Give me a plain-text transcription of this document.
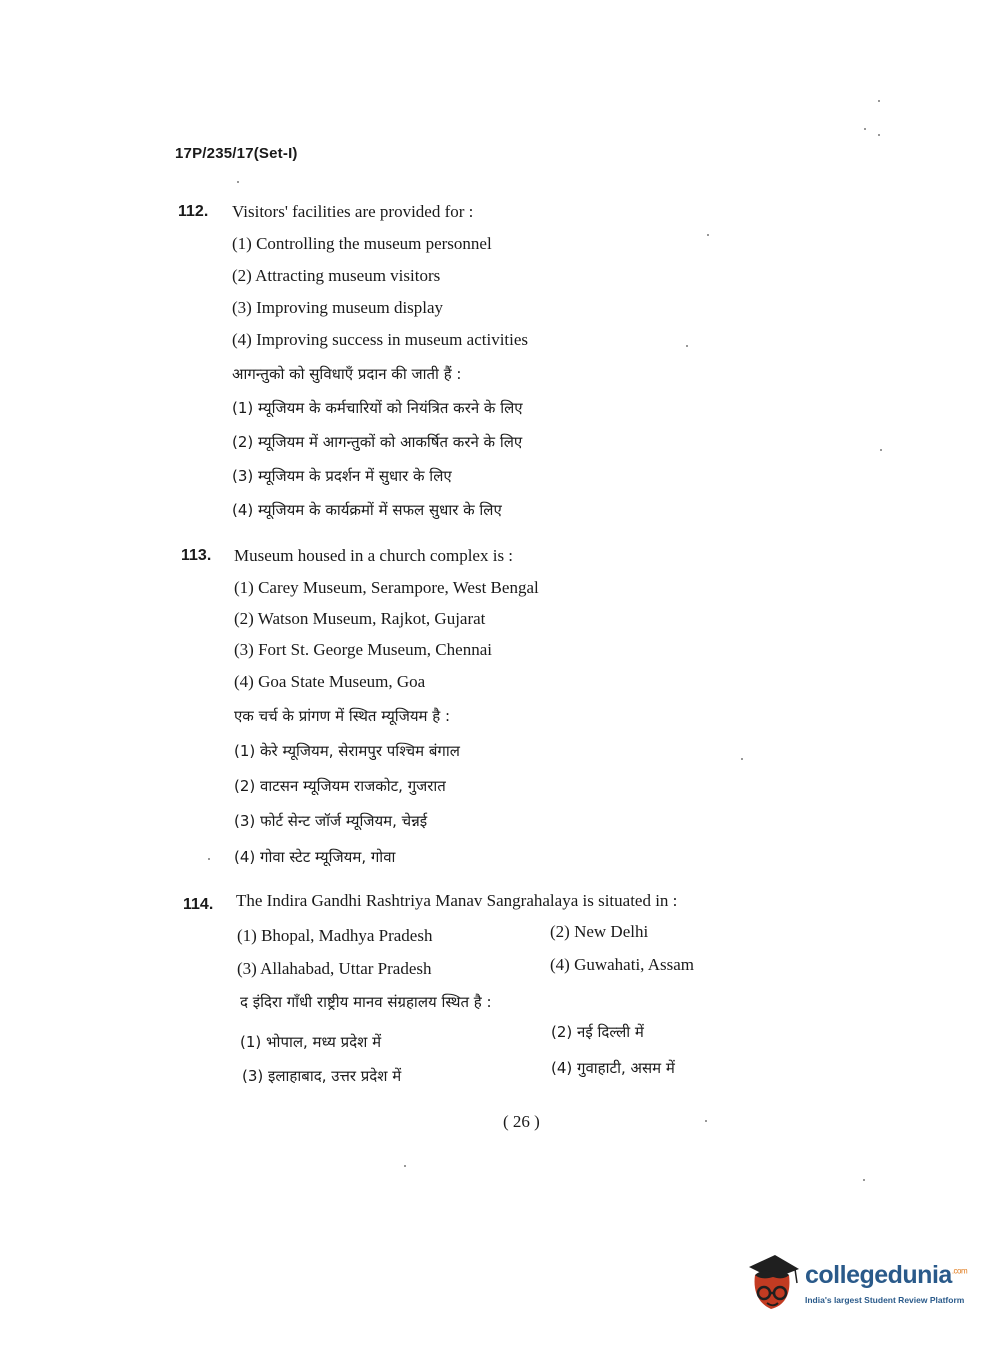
17P/235/17(Set-I)
112. Visitors' facilities are provided for :
(1) Controlling the museum personnel
(2) Attracting museum visitors
(3) Improving museum display
(4) Improving success in museum activities
आगन्तुको को सुविधाएँ प्रदान की जाती हैं :
(1) म्यूजियम के कर्मचारियों को नियंत्रित करने के लिए
(2) म्यूजियम में आगन्तुकों को आकर्षित करने के लिए
(3) म्यूजियम के प्रदर्शन में सुधार के लिए
(4) म्यूजियम के कार्यक्रमों में सफल सुधार के लिए
113. Museum housed in a church complex is :
(1) Carey Museum, Serampore, West Bengal
(2) Watson Museum, Rajkot, Gujarat
(3) Fort St. George Museum, Chennai
(4) Goa State Museum, Goa
एक चर्च के प्रांगण में स्थित म्यूजियम है :
(1) केरे म्यूजियम, सेरामपुर पश्चिम बंगाल
(2) वाटसन म्यूजियम राजकोट, गुजरात
(3) फोर्ट सेन्ट जॉर्ज म्यूजियम, चेन्नई
(4) गोवा स्टेट म्यूजियम, गोवा
114. The Indira Gandhi Rashtriya Manav Sangrahalaya is situated in :
(1) Bhopal, Madhya Pradesh	(2) New Delhi
(3) Allahabad, Uttar Pradesh	(4) Guwahati, Assam
द इंदिरा गाँधी राष्ट्रीय मानव संग्रहालय स्थित है :
(1) भोपाल, मध्य प्रदेश में
(2) नई दिल्ली में
(3) इलाहाबाद, उत्तर प्रदेश में	(4) गुवाहाटी, असम में
( 26 )
collegedunia$^{.com}$
India's largest Student Review Platform
